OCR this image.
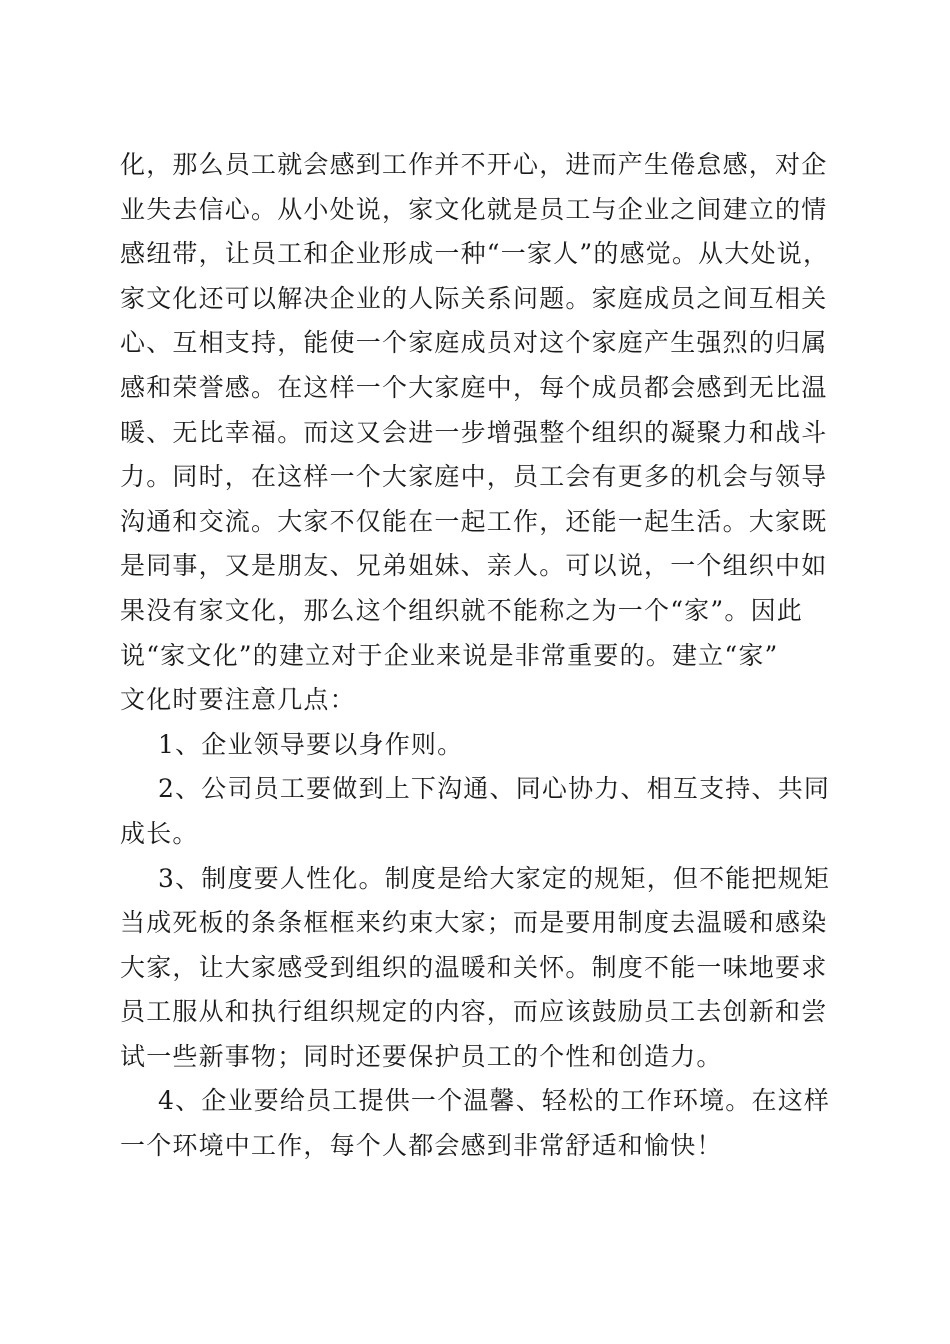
化，那么员工就会感到工作并不开心，进而产生倦怠感，对企
业失去信心。从小处说，家文化就是员工与企业之间建立的情
感纽带，让员工和企业形成一种“一家人”的感觉。从大处说，
家文化还可以解决企业的人际关系问题。家庭成员之间互相关
心、互相支持，能使一个家庭成员对这个家庭产生强烈的归属
感和荣誉感。在这样一个大家庭中，每个成员都会感到无比温
暖、无比幸福。而这又会进一步增强整个组织的凝聚力和战斗
力。同时，在这样一个大家庭中，员工会有更多的机会与领导
沟通和交流。大家不仅能在一起工作，还能一起生活。大家既
是同事，又是朋友、兄弟姐妹、亲人。可以说，一个组织中如
果没有家文化，那么这个组织就不能称之为一个“家”。因此
说“家文化”的建立对于企业来说是非常重要的。建立“家”
文化时要注意几点：
1、企业领导要以身作则。
2、公司员工要做到上下沟通、同心协力、相互支持、共同
成长。
3、制度要人性化。制度是给大家定的规矩，但不能把规矩
当成死板的条条框框来约束大家；而是要用制度去温暖和感染
大家，让大家感受到组织的温暖和关怀。制度不能一味地要求
员工服从和执行组织规定的内容，而应该鼓励员工去创新和尝
试一些新事物；同时还要保护员工的个性和创造力。
4、企业要给员工提供一个温馨、轻松的工作环境。在这样
一个环境中工作，每个人都会感到非常舒适和愉快！
